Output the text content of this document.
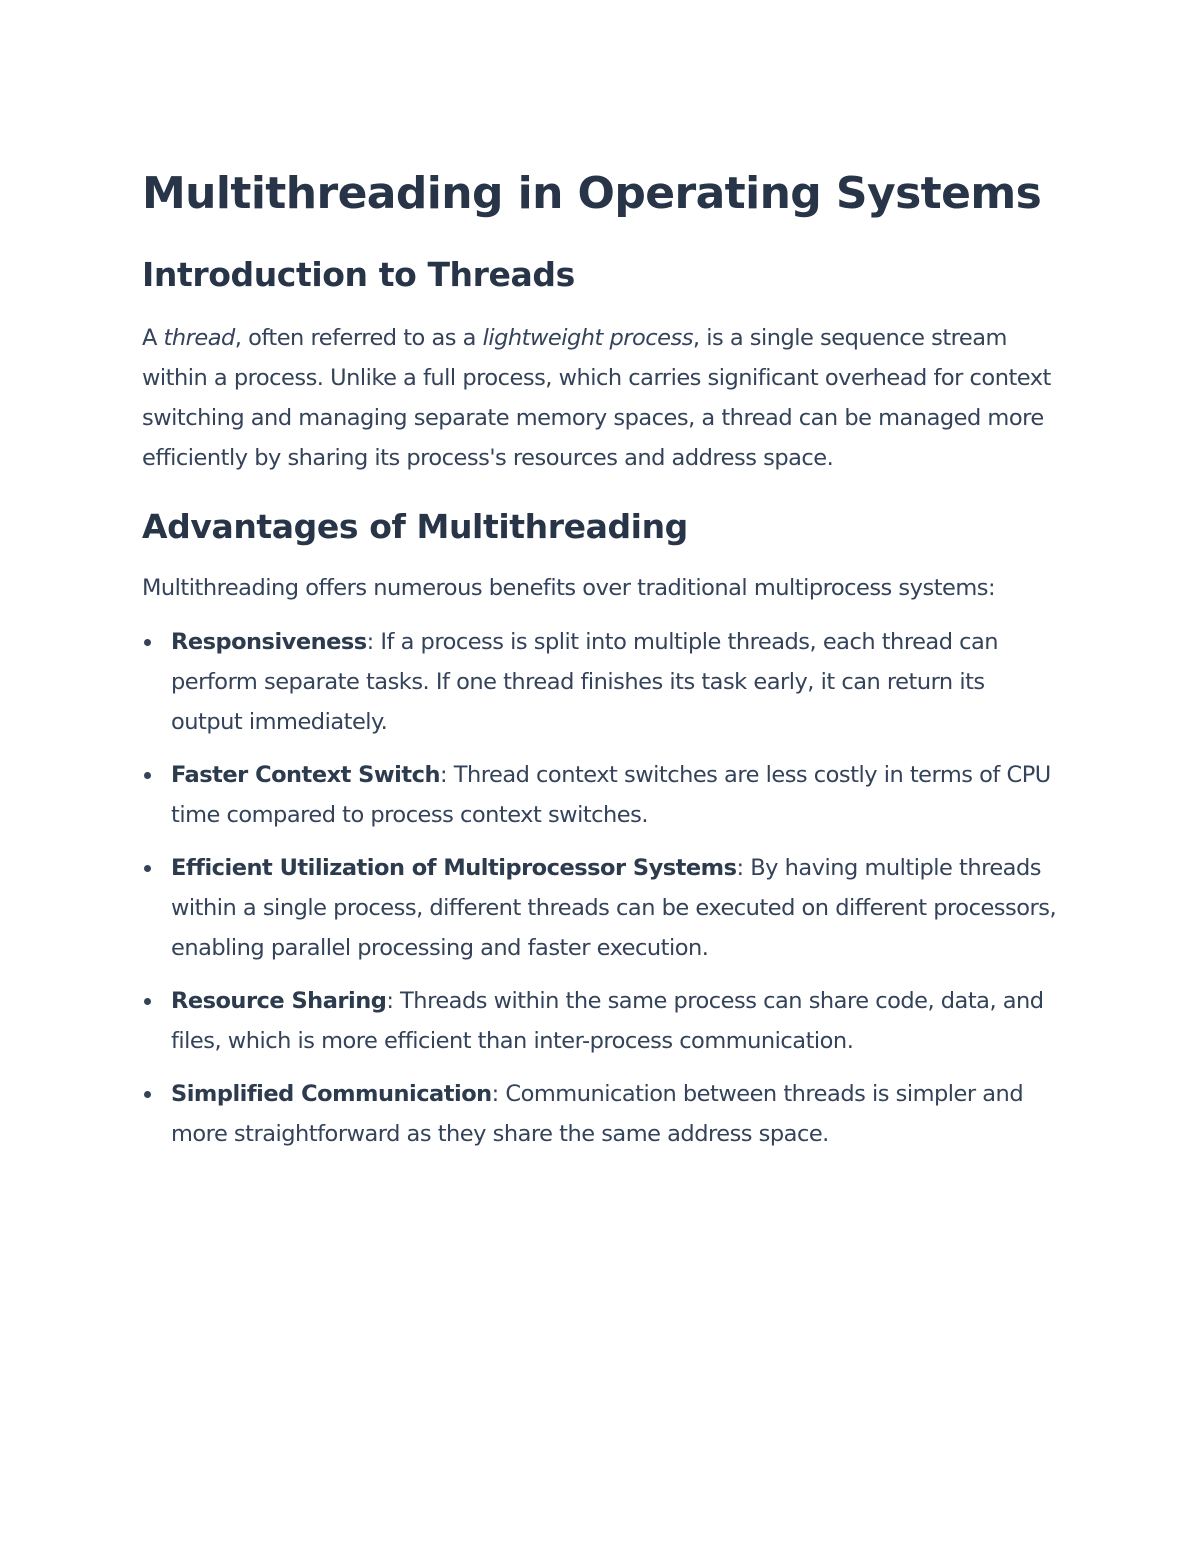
Multithreading in Operating Systems
Introduction to Threads

A thread, often referred to as a lightweight process, is a single sequence stream within a process. Unlike a full process, which carries significant overhead for context switching and managing separate memory spaces, a thread can be managed more efficiently by sharing its process's resources and address space.

Advantages of Multithreading

Multithreading offers numerous benefits over traditional multiprocess systems:

Responsiveness: If a process is split into multiple threads, each thread can perform separate tasks. If one thread finishes its task early, it can return its output immediately.
Faster Context Switch: Thread context switches are less costly in terms of CPU time compared to process context switches.
Efficient Utilization of Multiprocessor Systems: By having multiple threads within a single process, different threads can be executed on different processors, enabling parallel processing and faster execution.
Resource Sharing: Threads within the same process can share code, data, and files, which is more efficient than inter-process communication.
Simplified Communication: Communication between threads is simpler and more straightforward as they share the same address space.
